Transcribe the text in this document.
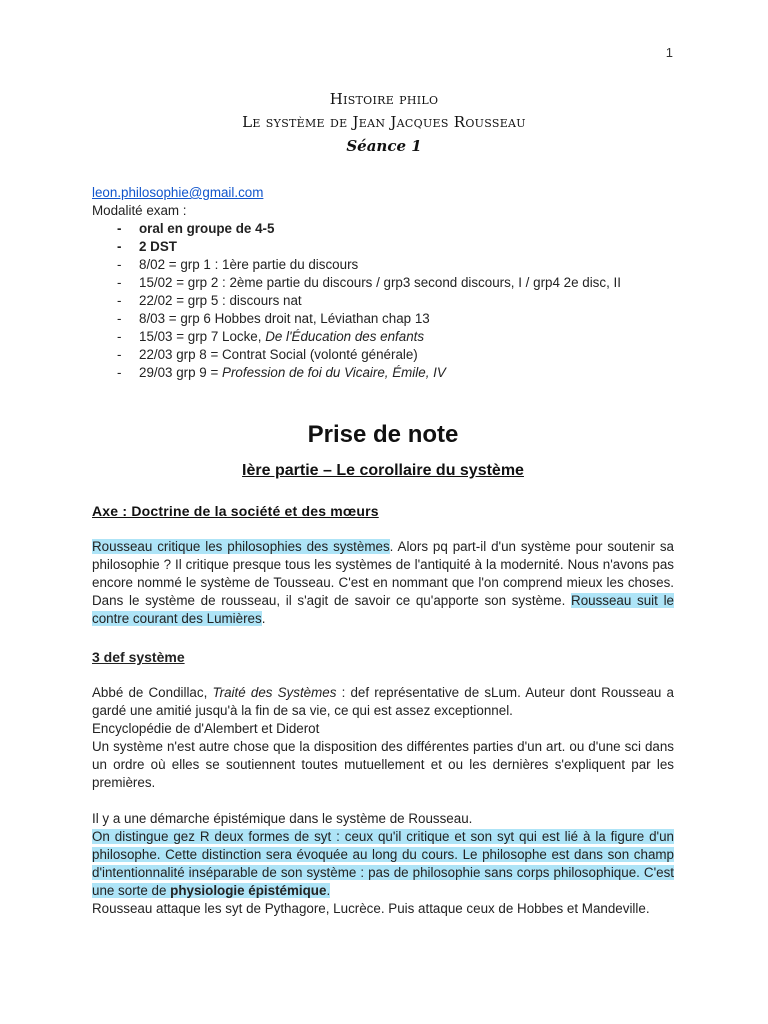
1
Histoire philo
Le système de Jean Jacques Rousseau
Séance 1
leon.philosophie@gmail.com
Modalité exam :
- oral en groupe de 4-5
- 2 DST
- 8/02 = grp 1 : 1ère partie du discours
- 15/02 = grp 2 : 2ème partie du discours / grp3 second discours, I / grp4 2e disc, II
- 22/02 = grp 5 : discours nat
- 8/03 = grp 6 Hobbes droit nat, Léviathan chap 13
- 15/03 = grp 7 Locke, De l'Éducation des enfants
- 22/03 grp 8 = Contrat Social (volonté générale)
- 29/03 grp 9 = Profession de foi du Vicaire, Émile, IV
Prise de note
Ière partie – Le corollaire du système
Axe : Doctrine de la société et des mœurs

Rousseau critique les philosophies des systèmes. Alors pq part-il d'un système pour soutenir sa philosophie ? Il critique presque tous les systèmes de l'antiquité à la modernité. Nous n'avons pas encore nommé le système de Tousseau. C'est en nommant que l'on comprend mieux les choses. Dans le système de rousseau, il s'agit de savoir ce qu'apporte son système. Rousseau suit le contre courant des Lumières.

3 def système

Abbé de Condillac, Traité des Systèmes : def représentative de sLum. Auteur dont Rousseau a gardé une amitié jusqu'à la fin de sa vie, ce qui est assez exceptionnel.

Encyclopédie de d'Alembert et Diderot

Un système n'est autre chose que la disposition des différentes parties d'un art. ou d'une sci dans un ordre où elles se soutiennent toutes mutuellement et ou les dernières s'expliquent par les premières.

Il y a une démarche épistémique dans le système de Rousseau.

On distingue gez R deux formes de syt : ceux qu'il critique et son syt qui est lié à la figure d'un philosophe. Cette distinction sera évoquée au long du cours. Le philosophe est dans son champ d'intentionnalité inséparable de son système : pas de philosophie sans corps philosophique. C'est une sorte de physiologie épistémique.

Rousseau attaque les syt de Pythagore, Lucrèce. Puis attaque ceux de Hobbes et Mandeville.
